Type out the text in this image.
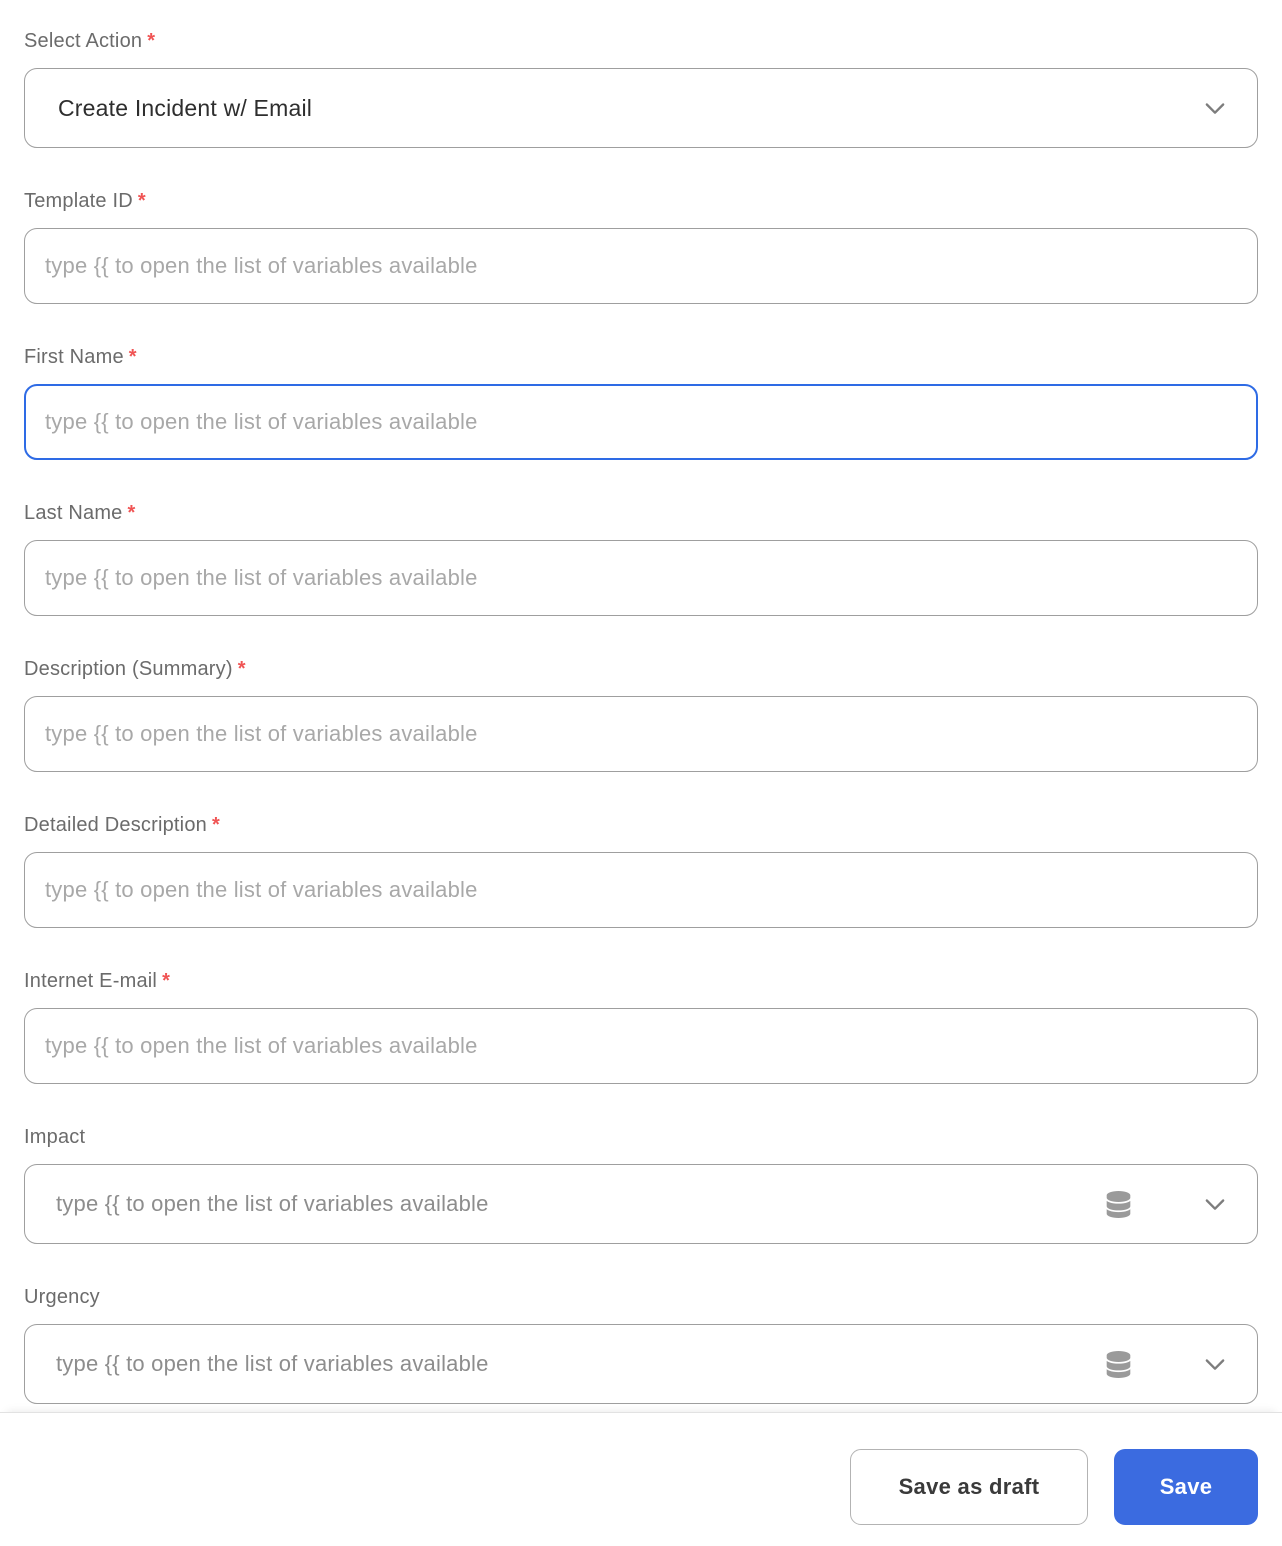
Select Action *
Create Incident w/ Email
Template ID *
type {{ to open the list of variables available
First Name *
type {{ to open the list of variables available
Last Name *
type {{ to open the list of variables available
Description (Summary) *
type {{ to open the list of variables available
Detailed Description *
type {{ to open the list of variables available
Internet E-mail *
type {{ to open the list of variables available
Impact
type {{ to open the list of variables available
Urgency
type {{ to open the list of variables available
Save as draft	Save
